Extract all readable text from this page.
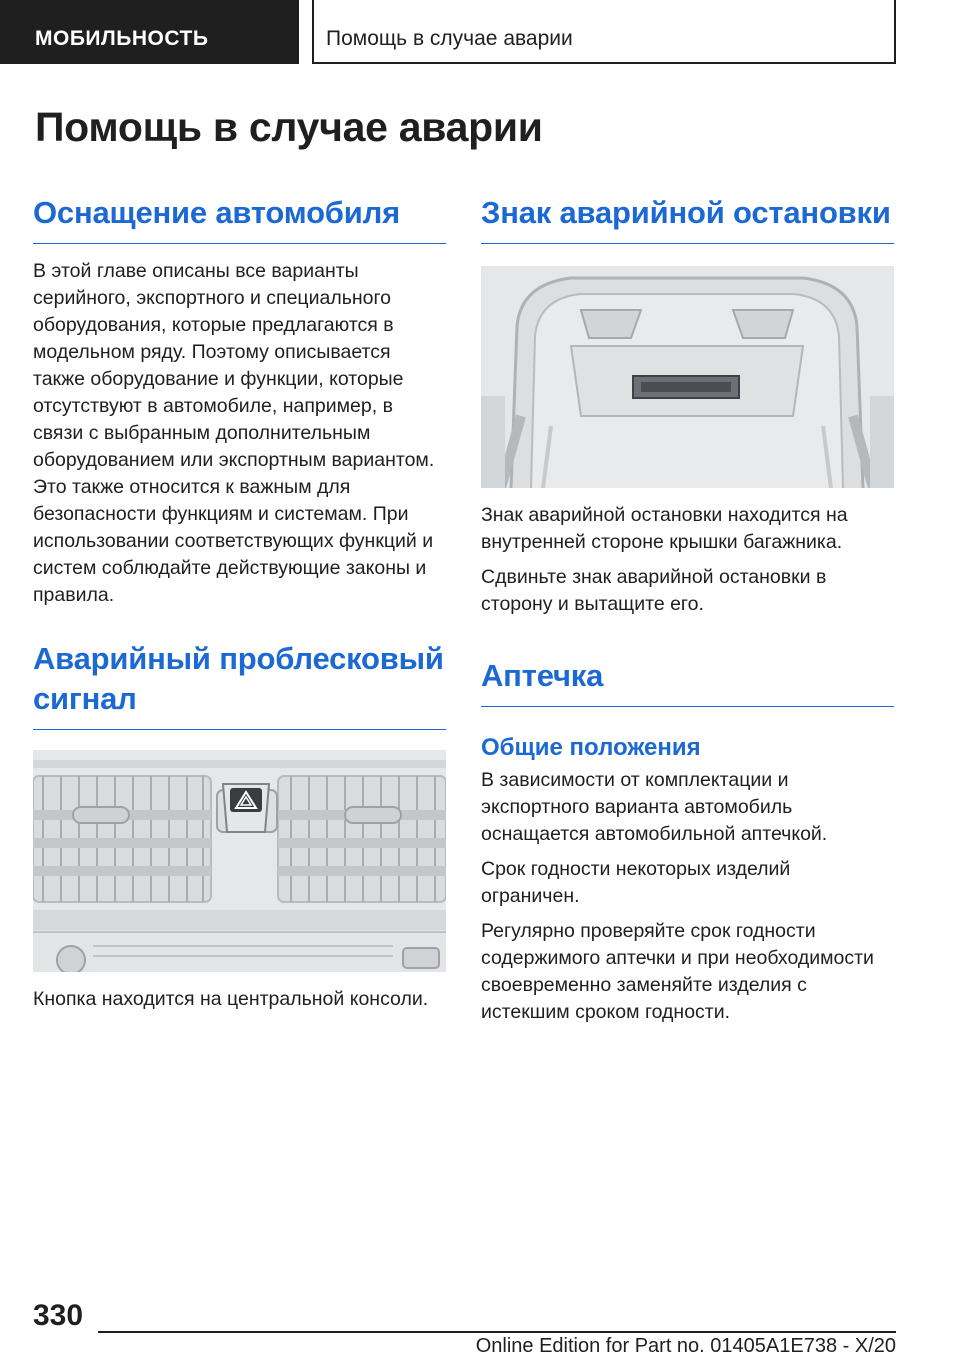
МОБИЛЬНОСТЬ	Помощь в случае аварии
Помощь в случае аварии
Оснащение автомобиля

В этой главе описаны все варианты серийного, экспортного и специального оборудования, которые предлагаются в модельном ряду. Поэтому описывается также оборудование и функции, которые отсутствуют в автомобиле, например, в связи с выбранным дополнительным оборудованием или экспортным вариантом. Это также относится к важным для безопасности функциям и системам. При использовании соответствующих функций и систем соблюдайте действующие законы и правила.

Аварийный проблесковый сигнал

Кнопка находится на центральной консоли.

Знак аварийной остановки

Знак аварийной остановки находится на внутренней стороне крышки багажника.

Сдвиньте знак аварийной остановки в сторону и вытащите его.

Аптечка
Общие положения

В зависимости от комплектации и экспортного варианта автомобиль оснащается автомобильной аптечкой.

Срок годности некоторых изделий ограничен.

Регулярно проверяйте срок годности содержимого аптечки и при необходимости своевременно заменяйте изделия с истекшим сроком годности.

330
Online Edition for Part no. 01405A1E738 - X/20
